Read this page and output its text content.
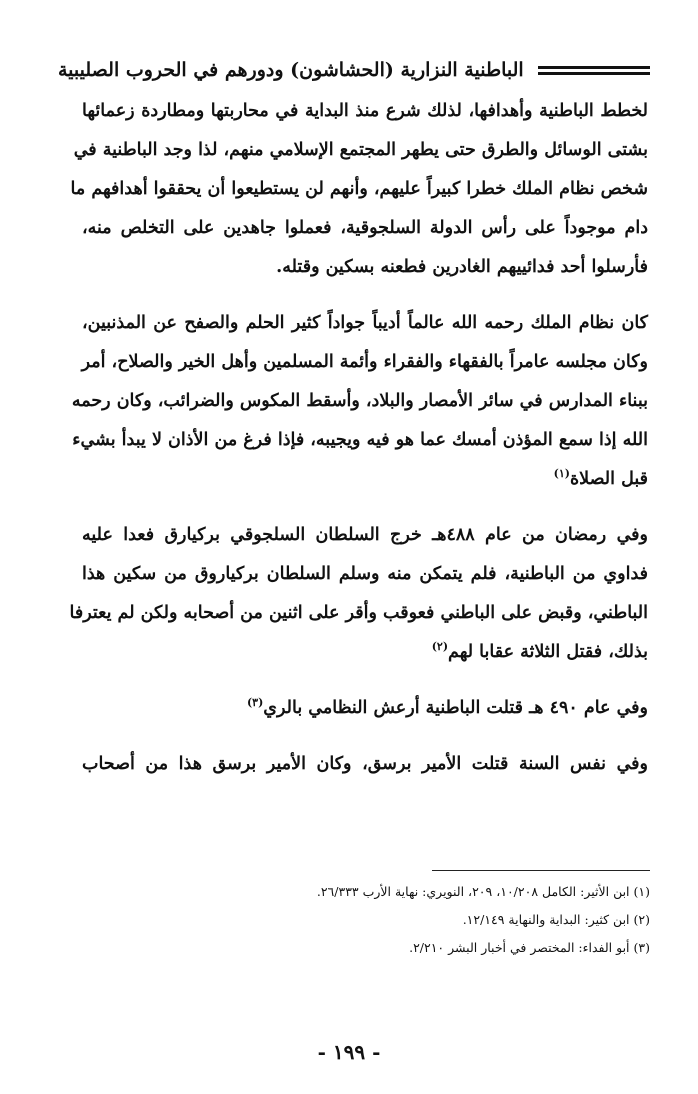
الباطنية النزارية (الحشاشون) ودورهم في الحروب الصليبية

لخطط الباطنية وأهدافها، لذلك شرع منذ البداية في محاربتها ومطاردة زعمائها
بشتى الوسائل والطرق حتى يطهر المجتمع الإسلامي منهم، لذا وجد الباطنية في
شخص نظام الملك خطرا كبيراً عليهم، وأنهم لن يستطيعوا أن يحققوا أهدافهم ما
دام موجوداً على رأس الدولة السلجوقية، فعملوا جاهدين على التخلص منه،
فأرسلوا أحد فدائييهم الغادرين فطعنه بسكين وقتله.

كان نظام الملك رحمه الله عالماً أديباً جواداً كثير الحلم والصفح عن المذنبين،
وكان مجلسه عامراً بالفقهاء والفقراء وأئمة المسلمين وأهل الخير والصلاح، أمر
ببناء المدارس في سائر الأمصار والبلاد، وأسقط المكوس والضرائب، وكان رحمه
الله إذا سمع المؤذن أمسك عما هو فيه ويجيبه، فإذا فرغ من الأذان لا يبدأ بشيء
قبل الصلاة$^{(١)}$

وفي رمضان من عام ٤٨٨هـ خرج السلطان السلجوقي بركيارق فعدا عليه
فداوي من الباطنية، فلم يتمكن منه وسلم السلطان بركياروق من سكين هذا
الباطني، وقبض على الباطني فعوقب وأقر على اثنين من أصحابه ولكن لم يعترفا
بذلك، فقتل الثلاثة عقابا لهم$^{(٢)}$

وفي عام ٤٩٠ هـ قتلت الباطنية أرعش النظامي بالري$^{(٣)}$

وفي نفس السنة قتلت الأمير برسق، وكان الأمير برسق هذا من أصحاب

(١) ابن الأثير: الكامل ١٠/٢٠٨، ٢٠٩، النويري: نهاية الأرب ٢٦/٣٣٣.
(٢) ابن كثير: البداية والنهاية ١٢/١٤٩.
(٣) أبو الفداء: المختصر في أخبار البشر ٢/٢١٠.
- ١٩٩ -
